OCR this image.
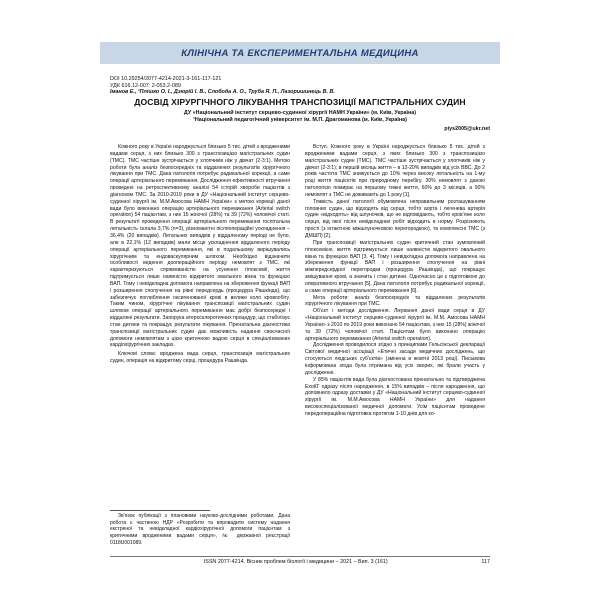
КЛІНІЧНА ТА ЕКСПЕРИМЕНТАЛЬНА МЕДИЦИНА
DOI 10.29254/2077-4214-2021-3-161-117-121
УДК 616.12-007: 2-053.2-089
Іманов Е., ¹Плішко О. І., Дзюрій І. В., Слобода А. О., Труба Я. П., Лазоришинець В. В.
ДОСВІД ХІРУРГІЧНОГО ЛІКУВАННЯ ТРАНСПОЗИЦІЇ МАГІСТРАЛЬНИХ СУДИН
ДУ «Національний інститут серцево-судинної хірургії НАМН України» (м. Київ, Україна)
¹Національний педагогічний університет ім. М.П. Драгоманова (м. Київ, Україна)
piys2005@ukr.net

Кожного року в Україні народжується близько 5 тис. дітей з вродженими вадами серця, з них близько 300 з транспозицією магістральних судин (ТМС). ТМС частіше зустрічається у хлопчиків ніж у дівчат (2-3:1). Метою роботи була аналіз безпосередніх та віддалених результатів хірургічного лікування при ТМС. Дана патологія потребує радикальної корекції, а саме операції артеріального перемикання. Дослідження ефективності втручання проведені на ретроспективному аналізі 54 історій хвороби пацієнтів з діагнозом ТМС. За 2010-2019 роки в ДУ «Національний інститут серцево-судинної хірургії ім. М.М.Амосова НАМН України» з метою корекції даної вади було виконано операцію артеріального перемикання (Arterial switch operation) 54 пацієнтам, з них 15 жіночої (28%) та 39 (72%) чоловічої статі. В результаті проведення операції артеріального перемикання госпітальна летальність склала 3,7% (n=3), різноманітні післяопераційні ускладнення – 36,4% (20 випадків). Летальних випадків у віддаленому періоді не було, але в 22,1% (12 випадків) мали місце ускладнення віддаленого періоду операції артеріального перемикання, які в подальшому вирішувались хірургічним та ендоваскулярним шляхом. Необхідно відзначити особливості ведення доопераційного періоду немовлят з ТМС, які характеризуються спрямованістю на усунення гіпоксемії, життя підтримується лише наявністю відкритого овального вікна та функцією ВАП. Тому і невідкладна допомога направлена на збереження функції ВАП і розширення сполучення на рівні передсердь (процедура Рашкінда), що забезпечує поглиблення оксигенованої крові в велике коло кровообігу. Таким чином, хірургічне лікування транспозиції магістральних судин шляхом операції артеріального перемикання має добрі безпосередні і віддалені результати. Запорука атеросклеротичних процедур, що стабілізує стан дитини та покращує результати лікування. Пренатальна діагностика транспозиції магістральних судин дає можливість надання своєчасної допомоги немовлятам з цією критичною вадою серця в спеціалізованих кардіохірургічних закладах.

Ключові слова: вроджена вада серця, транспозиція магістральних судин, операція на відкритому серці, процедура Рашкінда.

Зв’язок публікації з плановими науково-дослідними роботами. Дана робота є частиною НДР «Розробити та впровадити систему надання екстреної та невідкладної кардіохірургічної допомоги пацієнтам з критичними вродженими вадами серця», № державної реєстрації 0118U001089.

Вступ. Кожного року в Україні народжується близько 5 тис. дітей з вродженими вадами серця, з яких близько 300 з транспозицією магістральних судин (ТМС). ТМС частіше зустрічається у хлопчиків ніж у дівчат (2-3:1); в першій місяць життя – в 12-20% випадків від усіх ВВС. До 2 років частота ТМС знижується до 10% через високу летальність на 1-му році життя пацієнтів при природному перебігу. 30% немовлят з даною патологією помирає на першому тижні життя, 60% до 3 місяців, а 90% немовлят з ТМС не доживають до 1 року [1].

Тяжкість даної патології обумовлена неправильним розташуванням головних судин, що відходять від серця, тобто аорта і легенева артерія судин «відходять» від шлуночків, що не відповідають, тобто кров’яне коло серця, від якої після невідкладних робіт відходить в норму. Розрізняють прості (з інтактною міжшлуночковою перегородкою), та комплексні ТМС (з ДМШП) [2].

При транспозиції магістральних судин критичний стан зумовлений гіпоксемією, життя підтримується лише наявністю відкритого овального вікна та функцією ВАП [3, 4]. Тому і невідкладна допомога направлена на збереження функції ВАП і розширення сполучення на рівні міжпередсердної перегородки (процедура Рашкінда), що покращує змішування крові, а значить і стан дитини. Одночасно це є підготовкою до оперативного втручання [5]. Дана патологія потребує радикальної корекції, а саме операції артеріального перемикання [6].

Мета роботи: аналіз безпосередніх та віддалених результатів хірургічного лікування при ТМС.

Об’єкт і методи дослідження. Лікування даної вади серця в ДУ «Національний інститут серцево-судинної хірургії ім. М.М. Амосова НАМН України» з 2010 по 2019 роки виконано 54 пацієнтам, з них 15 (28%) жіночої та 39 (72%) чоловічої статі. Пацієнтам було виконано операцію артеріального перемикання (Arterial switch operation).

Дослідження проводилося згідно з принципами Гельсінської декларації Світової медичної асоціації «Етичні засади медичних досліджень, що стосуються людських суб’єктів» (змінена в жовтні 2013 році). Письмова інформована згода була отримана від усіх хворих, які брали участь у дослідженні.

У 85% пацієнтів вада була діагностована пренатально та підтверджена ЕхоКГ одразу після народження, в 15% випадків – після народження, що доповнило одразу доставки у ДУ «Національний інститут серцево-судинної хірургії ім. М.М.Амосова НАМН України» для надання високоспеціалізованої медичної допомоги. Усім пацієнтам проведене передопераційна підготовка протягом 1-10 днів для ко-

ISSN 2077-4214. Вісник проблем біології і медицини – 2021 – Вип. 3 (161)	117
